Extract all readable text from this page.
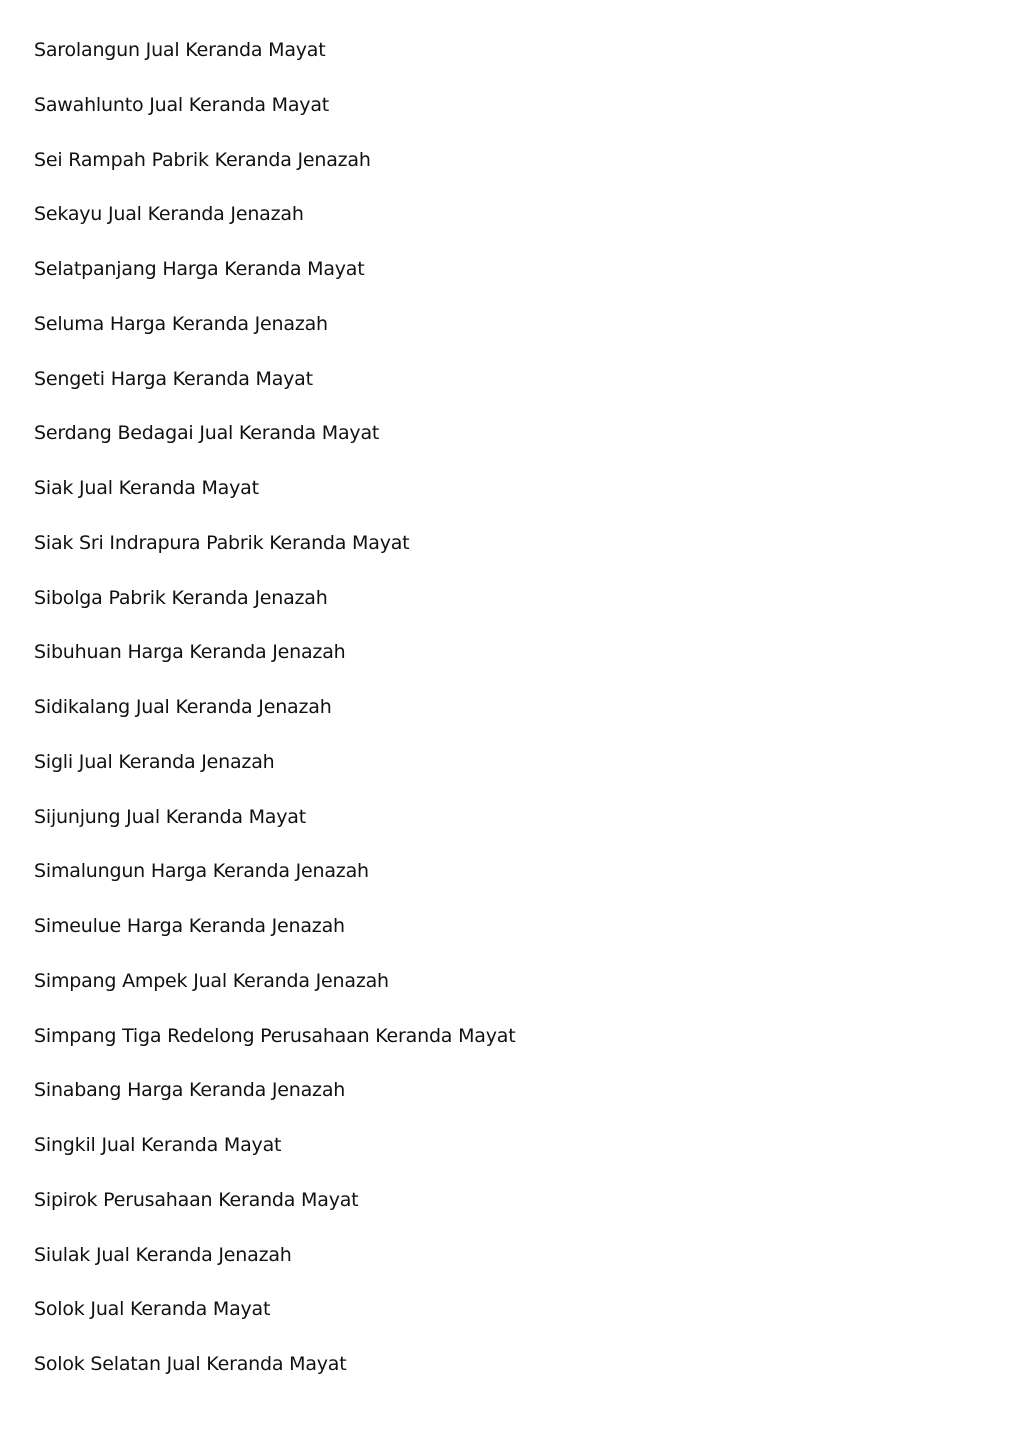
Sarolangun Jual Keranda Mayat
Sawahlunto Jual Keranda Mayat
Sei Rampah Pabrik Keranda Jenazah
Sekayu Jual Keranda Jenazah
Selatpanjang Harga Keranda Mayat
Seluma Harga Keranda Jenazah
Sengeti Harga Keranda Mayat
Serdang Bedagai Jual Keranda Mayat
Siak Jual Keranda Mayat
Siak Sri Indrapura Pabrik Keranda Mayat
Sibolga Pabrik Keranda Jenazah
Sibuhuan Harga Keranda Jenazah
Sidikalang Jual Keranda Jenazah
Sigli Jual Keranda Jenazah
Sijunjung Jual Keranda Mayat
Simalungun Harga Keranda Jenazah
Simeulue Harga Keranda Jenazah
Simpang Ampek Jual Keranda Jenazah
Simpang Tiga Redelong Perusahaan Keranda Mayat
Sinabang Harga Keranda Jenazah
Singkil Jual Keranda Mayat
Sipirok Perusahaan Keranda Mayat
Siulak Jual Keranda Jenazah
Solok Jual Keranda Mayat
Solok Selatan Jual Keranda Mayat
